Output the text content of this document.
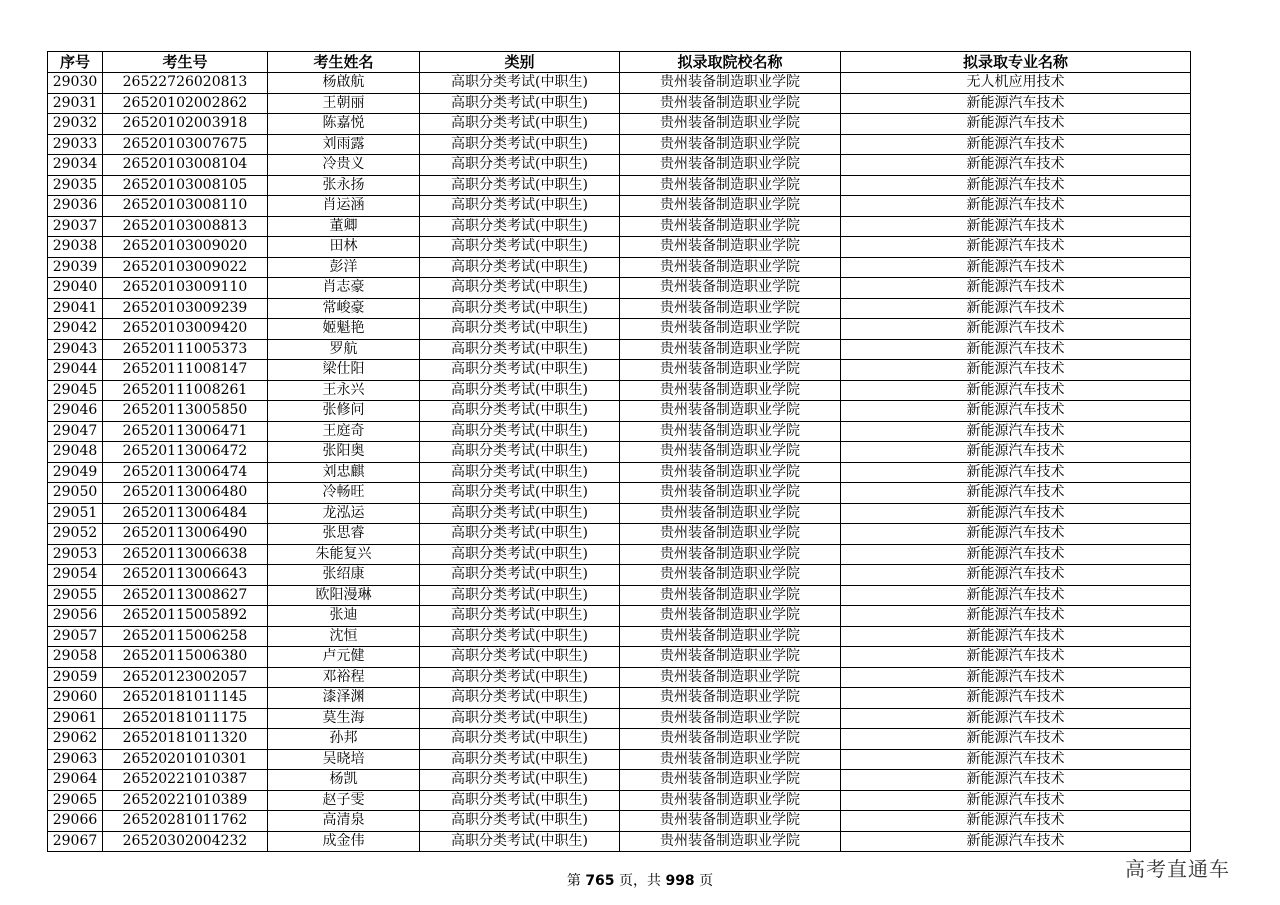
序号	考生号	考生姓名	类别	拟录取院校名称	拟录取专业名称
29030	26522726020813	杨啟航	高职分类考试(中职生)	贵州装备制造职业学院	无人机应用技术
29031	26520102002862	王朝丽	高职分类考试(中职生)	贵州装备制造职业学院	新能源汽车技术
29032	26520102003918	陈嘉悦	高职分类考试(中职生)	贵州装备制造职业学院	新能源汽车技术
29033	26520103007675	刘雨露	高职分类考试(中职生)	贵州装备制造职业学院	新能源汽车技术
29034	26520103008104	冷贵义	高职分类考试(中职生)	贵州装备制造职业学院	新能源汽车技术
29035	26520103008105	张永扬	高职分类考试(中职生)	贵州装备制造职业学院	新能源汽车技术
29036	26520103008110	肖运涵	高职分类考试(中职生)	贵州装备制造职业学院	新能源汽车技术
29037	26520103008813	董卿	高职分类考试(中职生)	贵州装备制造职业学院	新能源汽车技术
29038	26520103009020	田林	高职分类考试(中职生)	贵州装备制造职业学院	新能源汽车技术
29039	26520103009022	彭洋	高职分类考试(中职生)	贵州装备制造职业学院	新能源汽车技术
29040	26520103009110	肖志豪	高职分类考试(中职生)	贵州装备制造职业学院	新能源汽车技术
29041	26520103009239	常峻豪	高职分类考试(中职生)	贵州装备制造职业学院	新能源汽车技术
29042	26520103009420	姬魁艳	高职分类考试(中职生)	贵州装备制造职业学院	新能源汽车技术
29043	26520111005373	罗航	高职分类考试(中职生)	贵州装备制造职业学院	新能源汽车技术
29044	26520111008147	梁仕阳	高职分类考试(中职生)	贵州装备制造职业学院	新能源汽车技术
29045	26520111008261	王永兴	高职分类考试(中职生)	贵州装备制造职业学院	新能源汽车技术
29046	26520113005850	张修问	高职分类考试(中职生)	贵州装备制造职业学院	新能源汽车技术
29047	26520113006471	王庭奇	高职分类考试(中职生)	贵州装备制造职业学院	新能源汽车技术
29048	26520113006472	张阳奥	高职分类考试(中职生)	贵州装备制造职业学院	新能源汽车技术
29049	26520113006474	刘忠麒	高职分类考试(中职生)	贵州装备制造职业学院	新能源汽车技术
29050	26520113006480	冷畅旺	高职分类考试(中职生)	贵州装备制造职业学院	新能源汽车技术
29051	26520113006484	龙泓运	高职分类考试(中职生)	贵州装备制造职业学院	新能源汽车技术
29052	26520113006490	张思睿	高职分类考试(中职生)	贵州装备制造职业学院	新能源汽车技术
29053	26520113006638	朱能复兴	高职分类考试(中职生)	贵州装备制造职业学院	新能源汽车技术
29054	26520113006643	张绍康	高职分类考试(中职生)	贵州装备制造职业学院	新能源汽车技术
29055	26520113008627	欧阳漫琳	高职分类考试(中职生)	贵州装备制造职业学院	新能源汽车技术
29056	26520115005892	张迪	高职分类考试(中职生)	贵州装备制造职业学院	新能源汽车技术
29057	26520115006258	沈恒	高职分类考试(中职生)	贵州装备制造职业学院	新能源汽车技术
29058	26520115006380	卢元健	高职分类考试(中职生)	贵州装备制造职业学院	新能源汽车技术
29059	26520123002057	邓裕程	高职分类考试(中职生)	贵州装备制造职业学院	新能源汽车技术
29060	26520181011145	漆泽渊	高职分类考试(中职生)	贵州装备制造职业学院	新能源汽车技术
29061	26520181011175	莫生海	高职分类考试(中职生)	贵州装备制造职业学院	新能源汽车技术
29062	26520181011320	孙邦	高职分类考试(中职生)	贵州装备制造职业学院	新能源汽车技术
29063	26520201010301	吴晓培	高职分类考试(中职生)	贵州装备制造职业学院	新能源汽车技术
29064	26520221010387	杨凯	高职分类考试(中职生)	贵州装备制造职业学院	新能源汽车技术
29065	26520221010389	赵子雯	高职分类考试(中职生)	贵州装备制造职业学院	新能源汽车技术
29066	26520281011762	高清泉	高职分类考试(中职生)	贵州装备制造职业学院	新能源汽车技术
29067	26520302004232	成金伟	高职分类考试(中职生)	贵州装备制造职业学院	新能源汽车技术
第 765 页，共 998 页	高考直通车
